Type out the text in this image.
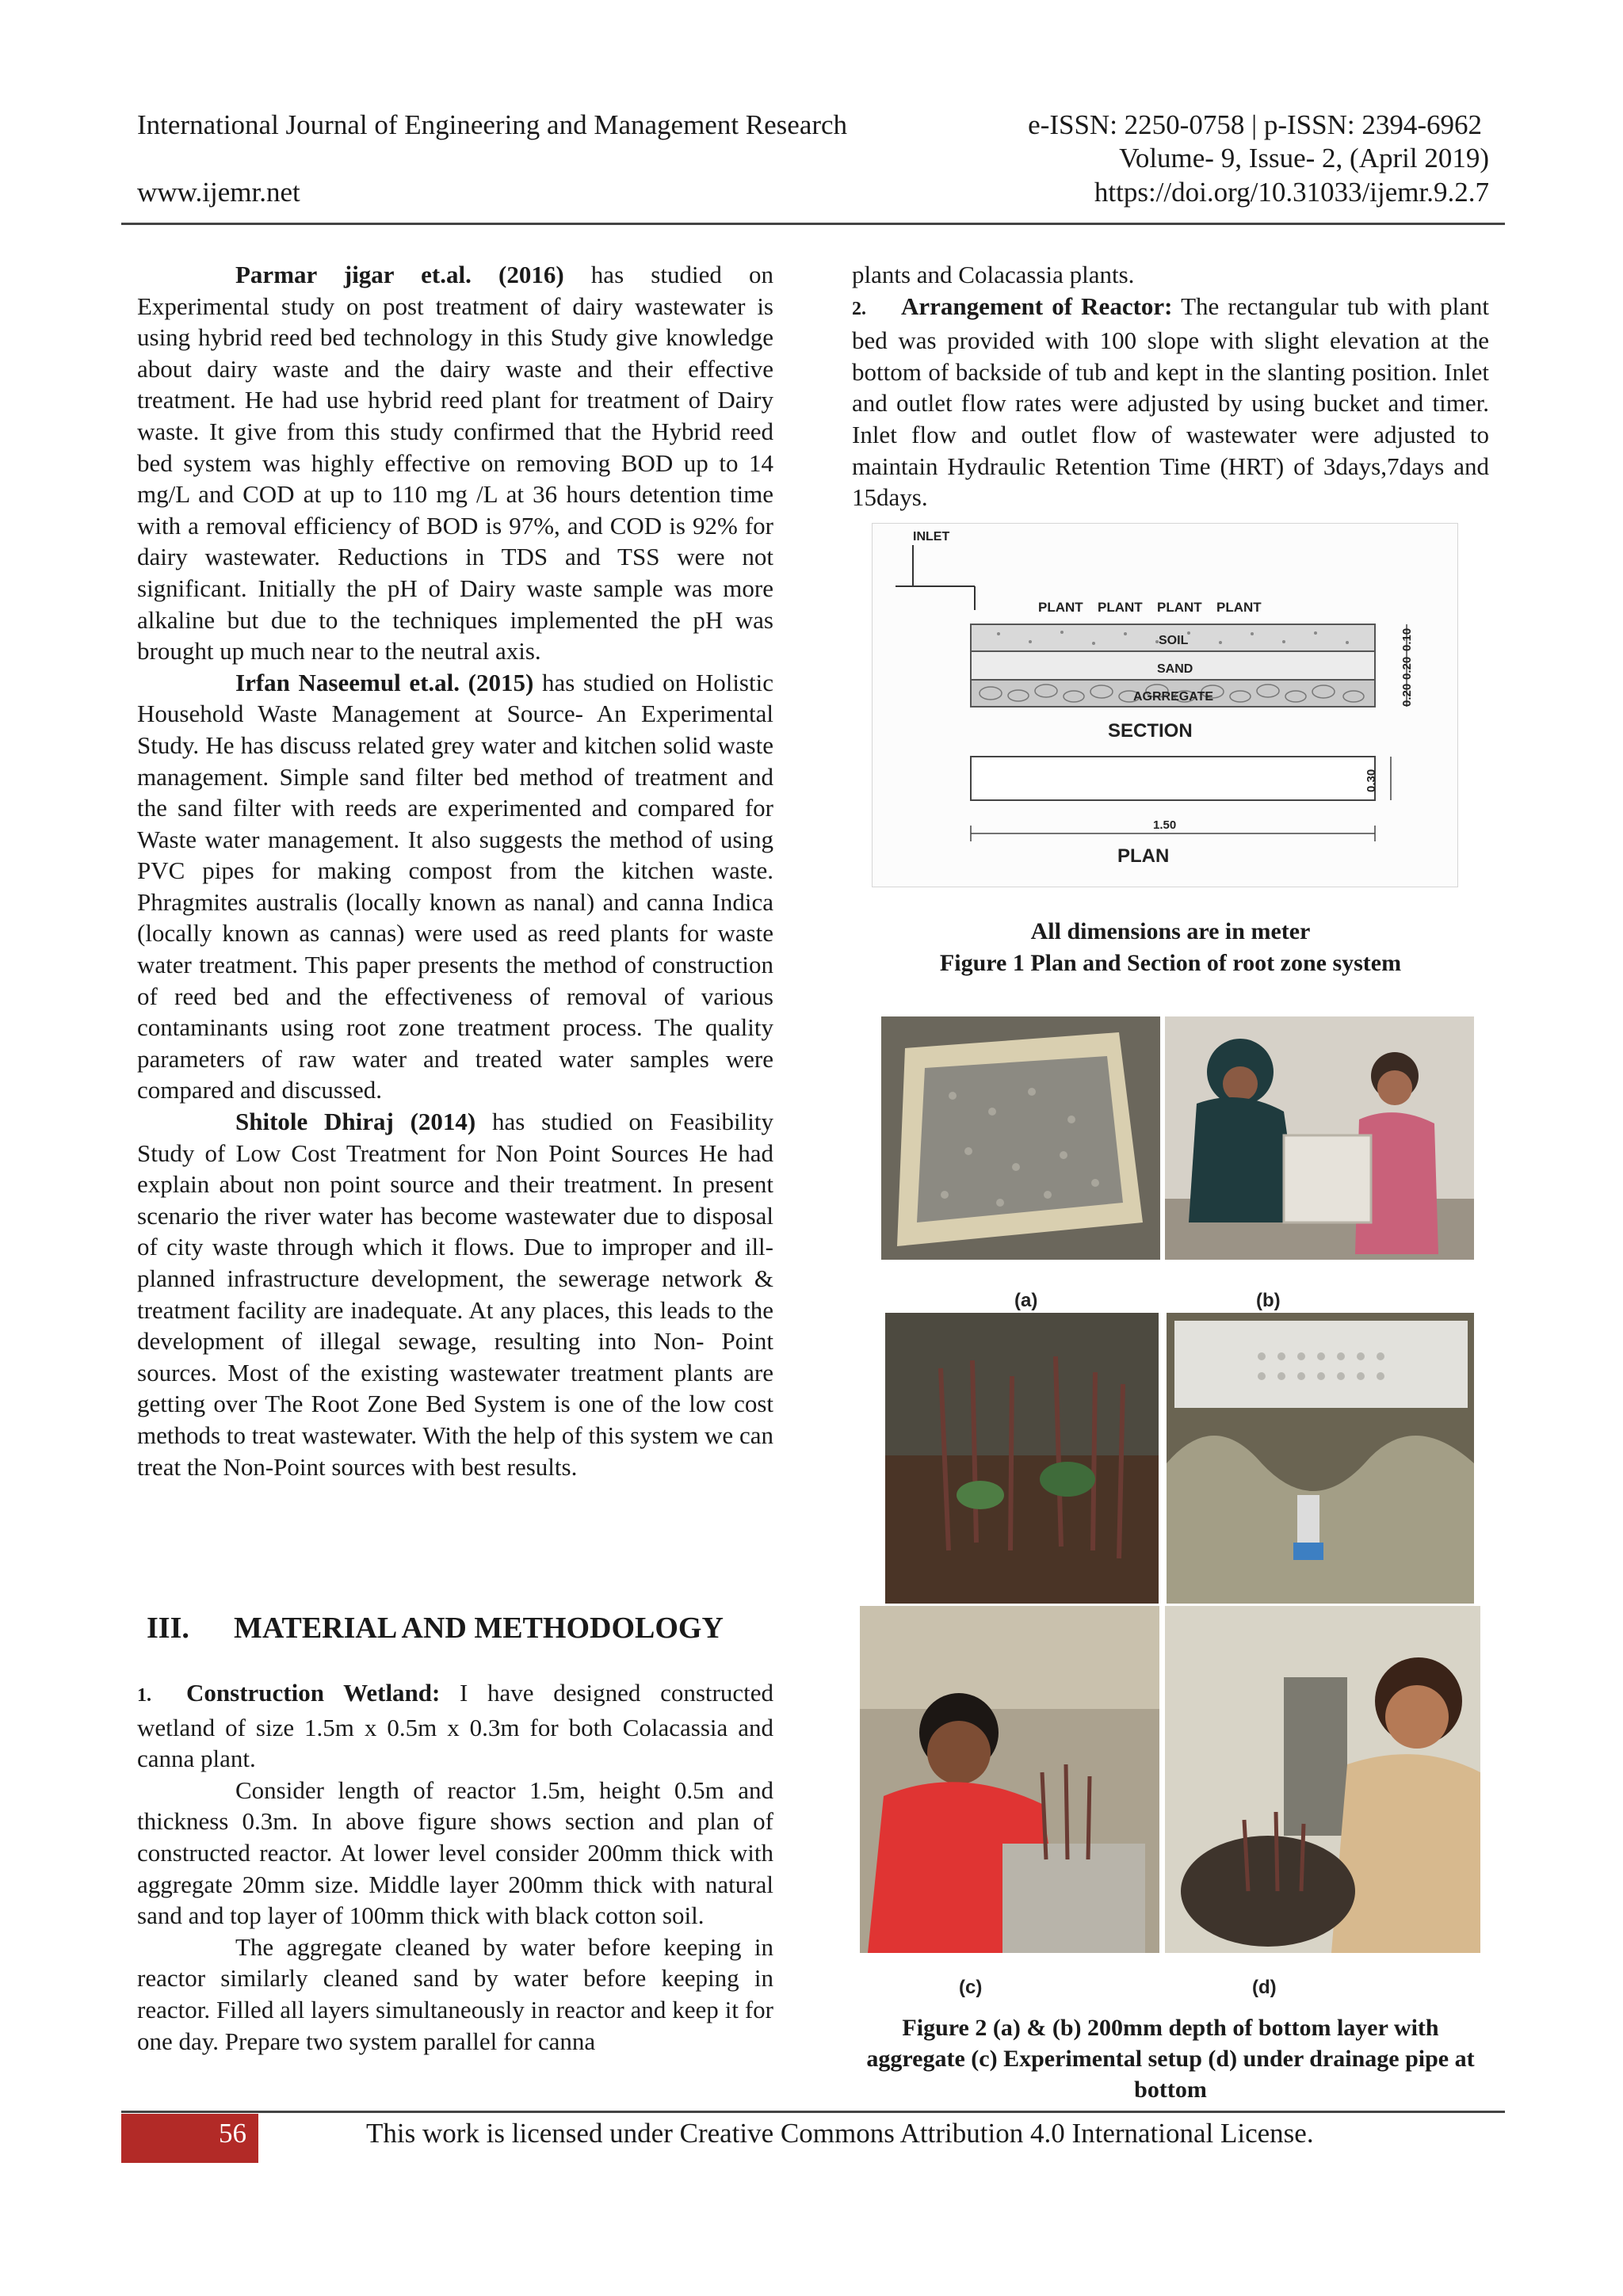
International Journal of Engineering and Management Research	e-ISSN: 2250-0758 | p-ISSN: 2394-6962
Volume- 9, Issue- 2, (April 2019)
www.ijemr.net	https://doi.org/10.31033/ijemr.9.2.7

Parmar jigar et.al. (2016) has studied on Experimental study on post treatment of dairy wastewater is using hybrid reed bed technology in this Study give knowledge about dairy waste and the dairy waste and their effective treatment. He had use hybrid reed plant for treatment of Dairy waste. It give from this study confirmed that the Hybrid reed bed system was highly effective on removing BOD up to 14 mg/L and COD at up to 110 mg /L at 36 hours detention time with a removal efficiency of BOD is 97%, and COD is 92% for dairy wastewater. Reductions in TDS and TSS were not significant. Initially the pH of Dairy waste sample was more alkaline but due to the techniques implemented the pH was brought up much near to the neutral axis.

Irfan Naseemul et.al. (2015) has studied on Holistic Household Waste Management at Source- An Experimental Study. He has discuss related grey water and kitchen solid waste management. Simple sand filter bed method of treatment and the sand filter with reeds are experimented and compared for Waste water management. It also suggests the method of using PVC pipes for making compost from the kitchen waste. Phragmites australis (locally known as nanal) and canna Indica (locally known as cannas) were used as reed plants for waste water treatment. This paper presents the method of construction of reed bed and the effectiveness of removal of various contaminants using root zone treatment process. The quality parameters of raw water and treated water samples were compared and discussed.

Shitole Dhiraj (2014) has studied on Feasibility Study of Low Cost Treatment for Non Point Sources He had explain about non point source and their treatment. In present scenario the river water has become wastewater due to disposal of city waste through which it flows. Due to improper and ill-planned infrastructure development, the sewerage network & treatment facility are inadequate. At any places, this leads to the development of illegal sewage, resulting into Non- Point sources. Most of the existing wastewater treatment plants are getting over The Root Zone Bed System is one of the low cost methods to treat wastewater. With the help of this system we can treat the Non-Point sources with best results.

III. MATERIAL AND METHODOLOGY

1. Construction Wetland: I have designed constructed wetland of size 1.5m x 0.5m x 0.3m for both Colacassia and canna plant.

Consider length of reactor 1.5m, height 0.5m and thickness 0.3m. In above figure shows section and plan of constructed reactor. At lower level consider 200mm thick with aggregate 20mm size. Middle layer 200mm thick with natural sand and top layer of 100mm thick with black cotton soil.

The aggregate cleaned by water before keeping in reactor similarly cleaned sand by water before keeping in reactor. Filled all layers simultaneously in reactor and keep it for one day. Prepare two system parallel for canna

plants and Colacassia plants.

2. Arrangement of Reactor: The rectangular tub with plant bed was provided with 100 slope with slight elevation at the bottom of backside of tub and kept in the slanting position. Inlet and outlet flow rates were adjusted by using bucket and timer. Inlet flow and outlet flow of wastewater were adjusted to maintain Hydraulic Retention Time (HRT) of 3days,7days and 15days.

INLET
PLANT PLANT PLANT PLANT
SOIL
SAND
AGRREGATE
0.10
0.20
0.20
SECTION
0.30
1.50
PLAN
All dimensions are in meter
Figure 1 Plan and Section of root zone system
(a)	(b)
(c)	(d)
Figure 2 (a) & (b) 200mm depth of bottom layer with aggregate (c) Experimental setup (d) under drainage pipe at bottom
56	This work is licensed under Creative Commons Attribution 4.0 International License.
